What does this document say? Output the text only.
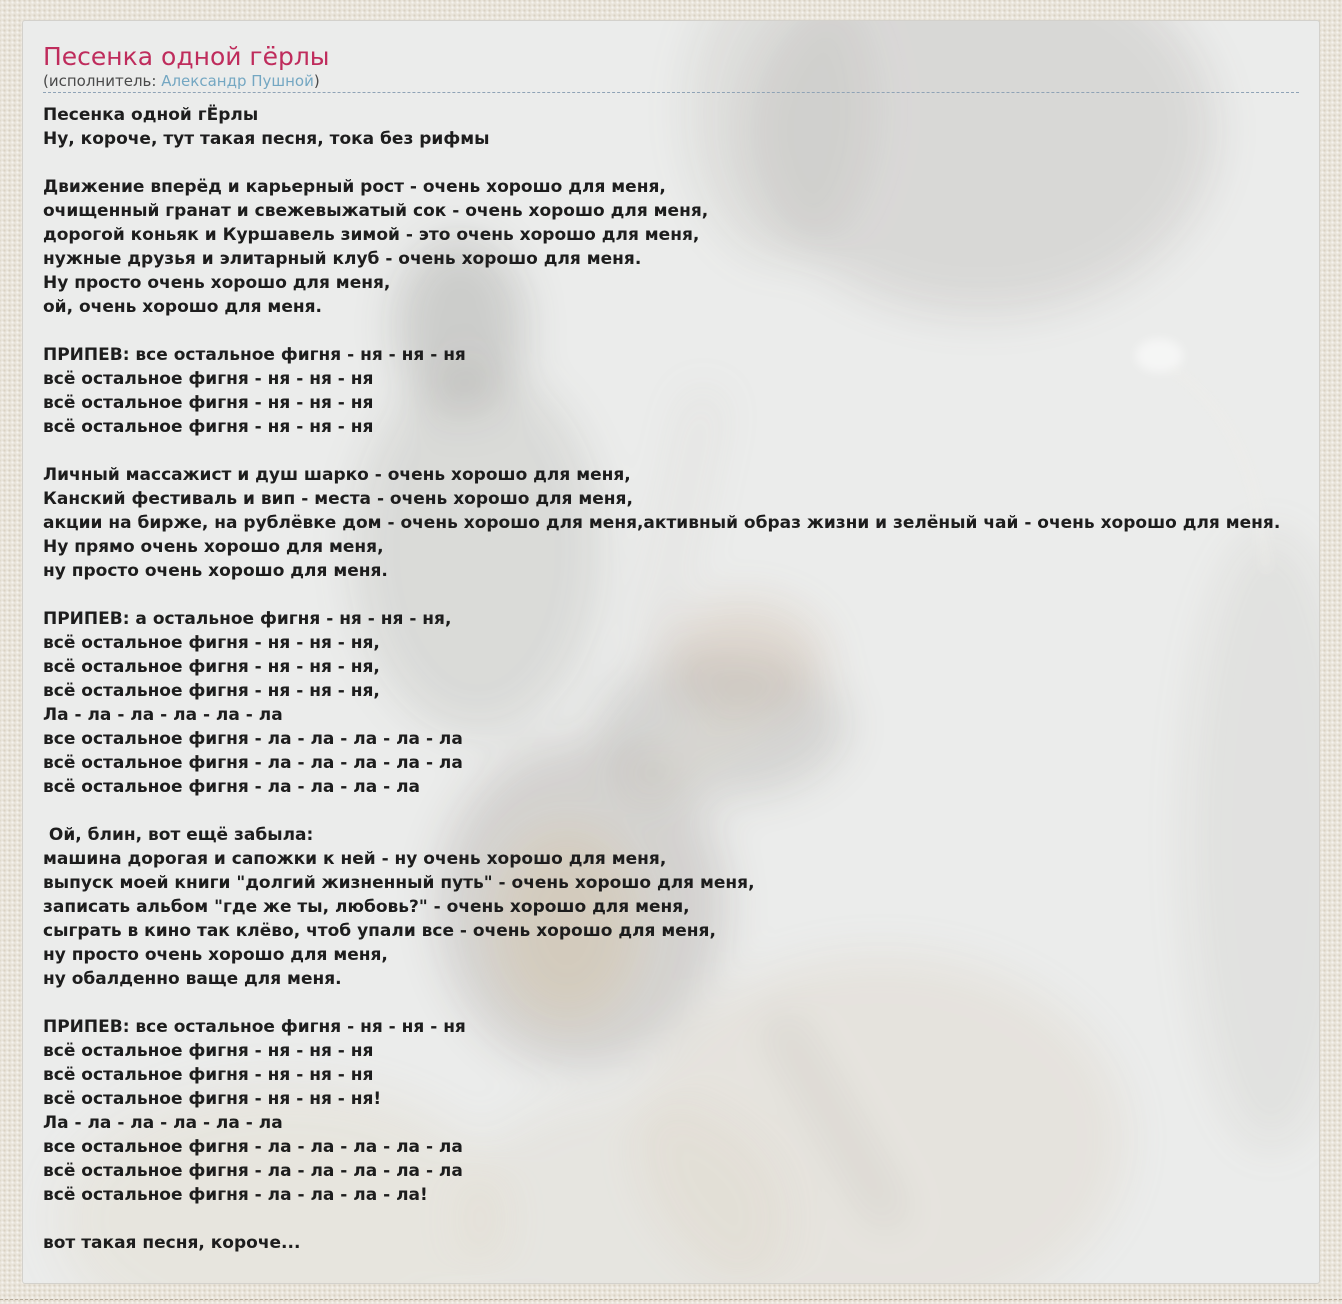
Песенка одной гёрлы
(исполнитель: Александр Пушной)
Песенка одной гЁрлы
Ну, короче, тут такая песня, тока без рифмы
Движение вперёд и карьерный рост - очень хорошо для меня,
очищенный гранат и свежевыжатый сок - очень хорошо для меня,
дорогой коньяк и Куршавель зимой - это очень хорошо для меня,
нужные друзья и элитарный клуб - очень хорошо для меня.
Ну просто очень хорошо для меня,
ой, очень хорошо для меня.
ПРИПЕВ: все остальное фигня - ня - ня - ня
всё остальное фигня - ня - ня - ня
всё остальное фигня - ня - ня - ня
всё остальное фигня - ня - ня - ня
Личный массажист и душ шарко - очень хорошо для меня,
Канский фестиваль и вип - места - очень хорошо для меня,
акции на бирже, на рублёвке дом - очень хорошо для меня,активный образ жизни и зелёный чай - очень хорошо для меня.
Ну прямо очень хорошо для меня,
ну просто очень хорошо для меня.
ПРИПЕВ: а остальное фигня - ня - ня - ня,
всё остальное фигня - ня - ня - ня,
всё остальное фигня - ня - ня - ня,
всё остальное фигня - ня - ня - ня,
Ла - ла - ла - ла - ла - ла
все остальное фигня - ла - ла - ла - ла - ла
всё остальное фигня - ла - ла - ла - ла - ла
всё остальное фигня - ла - ла - ла - ла
Ой, блин, вот ещё забыла:
машина дорогая и сапожки к ней - ну очень хорошо для меня,
выпуск моей книги "долгий жизненный путь" - очень хорошо для меня,
записать альбом "где же ты, любовь?" - очень хорошо для меня,
сыграть в кино так клёво, чтоб упали все - очень хорошо для меня,
ну просто очень хорошо для меня,
ну обалденно ваще для меня.
ПРИПЕВ: все остальное фигня - ня - ня - ня
всё остальное фигня - ня - ня - ня
всё остальное фигня - ня - ня - ня
всё остальное фигня - ня - ня - ня!
Ла - ла - ла - ла - ла - ла
все остальное фигня - ла - ла - ла - ла - ла
всё остальное фигня - ла - ла - ла - ла - ла
всё остальное фигня - ла - ла - ла - ла!
вот такая песня, короче...
